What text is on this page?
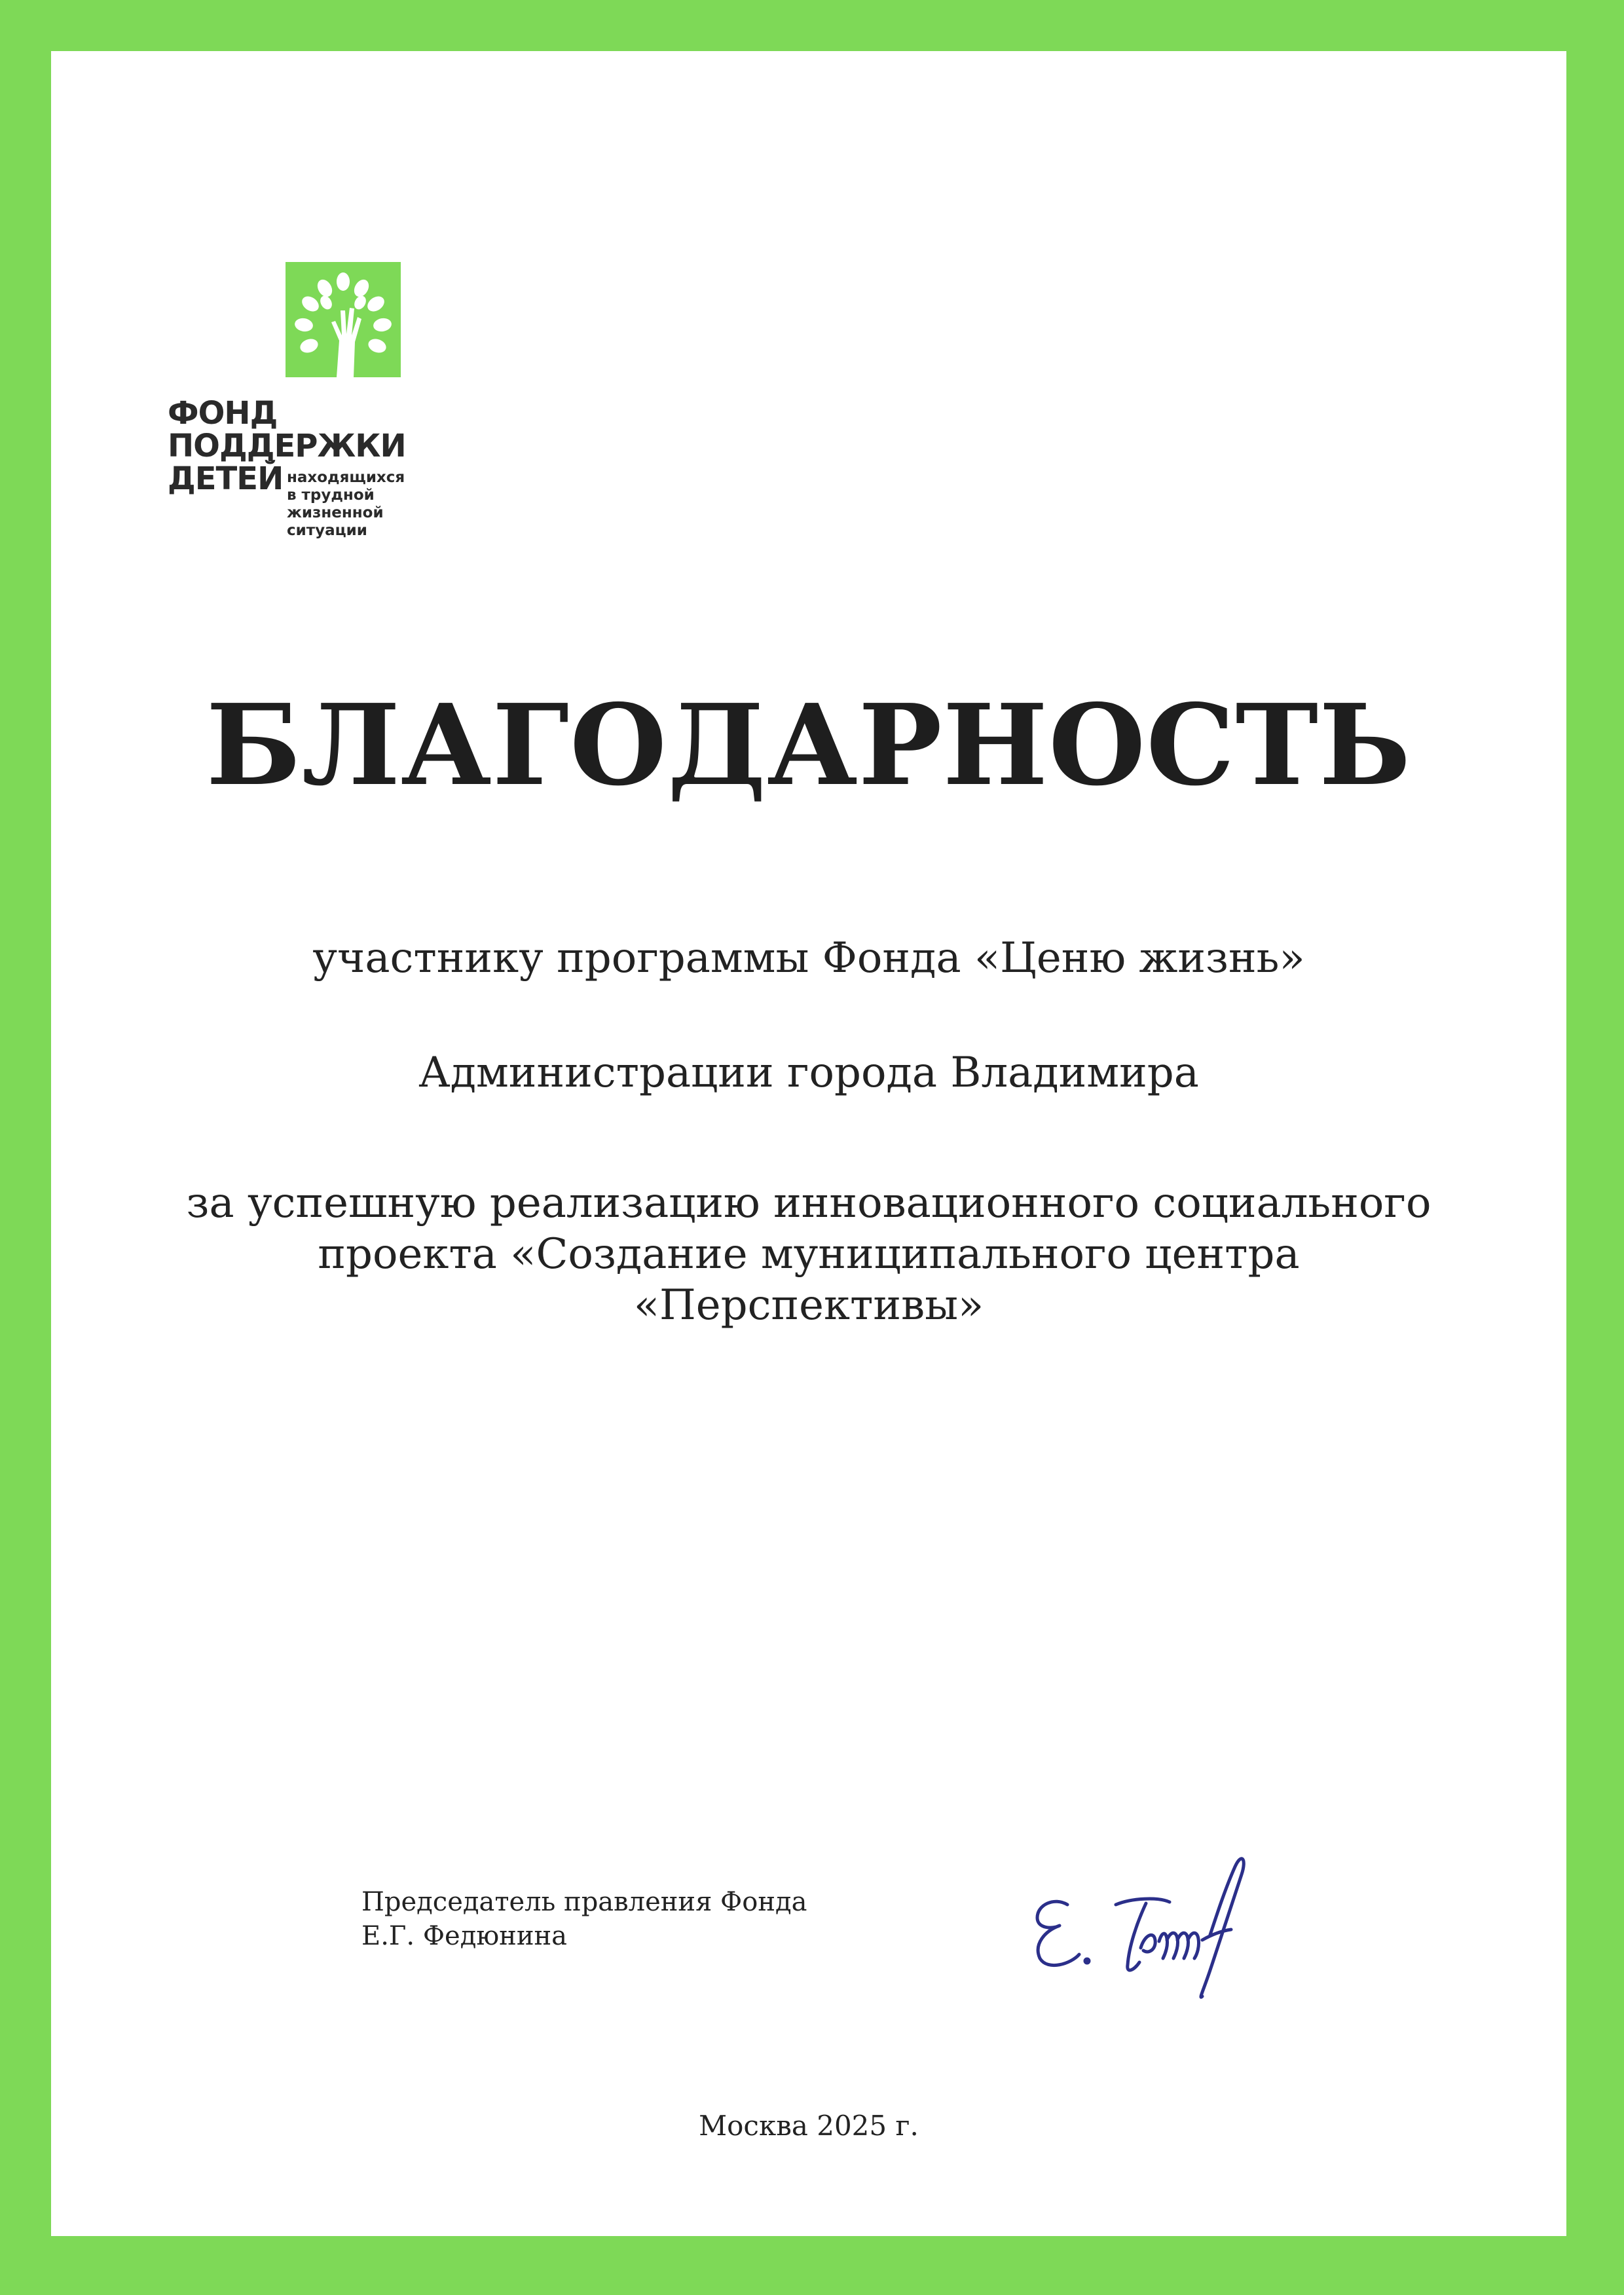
ФОНД
ПОДДЕРЖКИ
ДЕТЕЙ находящихся
в трудной
жизненной
ситуации
БЛАГОДАРНОСТЬ
участнику программы Фонда «Ценю жизнь»
Администрации города Владимира
за успешную реализацию инновационного социального
проекта «Создание муниципального центра
«Перспективы»
Председатель правления Фонда
Е.Г. Федюнина
Москва 2025 г.
